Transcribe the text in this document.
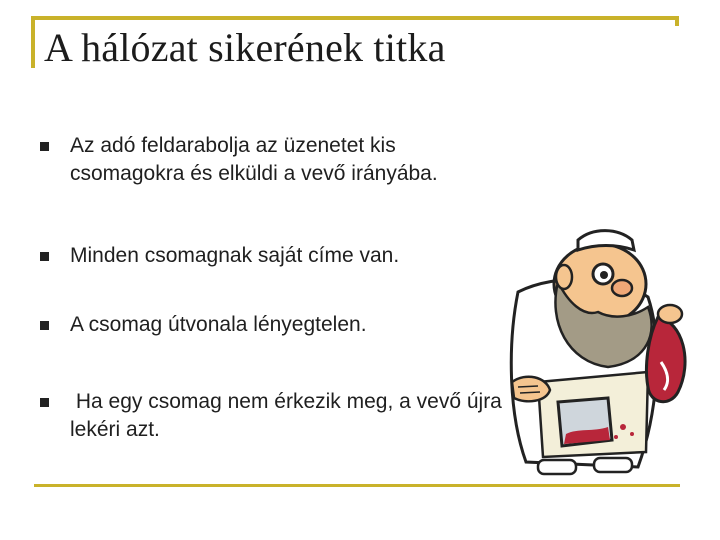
A hálózat sikerének titka
Az adó feldarabolja az üzenetet kis csomagokra és elküldi a vevő irányába.
Minden csomagnak saját címe van.
A csomag útvonala lényegtelen.
Ha egy csomag nem érkezik meg, a vevő újra lekéri azt.
